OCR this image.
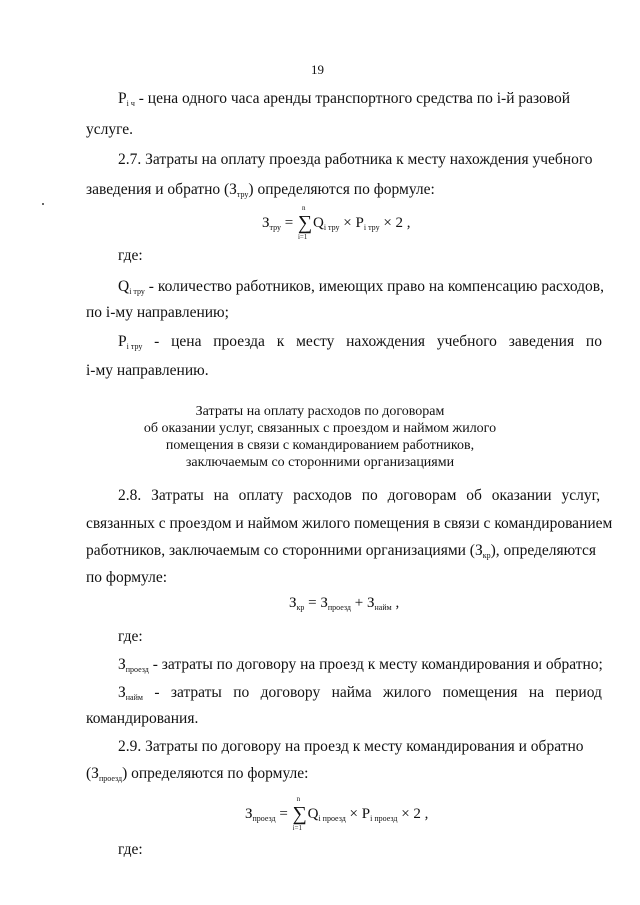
19
$P_{i ч}$ - цена одного часа аренды транспортного средства по i-й разовой
услуге.
2.7. Затраты на оплату проезда работника к месту нахождения учебного
заведения и обратно $(З_{тру})$ определяются по формуле:
$З_{тру}$ =
n
∑
i=1
$Q_{i тру} \times P_{i тру} \times 2$ ,
где:
$Q_{i тру}$ - количество работников, имеющих право на компенсацию расходов,
по i-му направлению;
$P_{i тру}$ - цена проезда к месту нахождения учебного заведения по
i-му направлению.
Затраты на оплату расходов по договорам
об оказании услуг, связанных с проездом и наймом жилого
помещения в связи с командированием работников,
заключаемым со сторонними организациями
2.8. Затраты на оплату расходов по договорам об оказании услуг,
связанных с проездом и наймом жилого помещения в связи с командированием
работников, заключаемым со сторонними организациями $(З_{кр})$, определяются
по формуле:
$З_{кр} = З_{проезд} + З_{найм}$ ,
где:
$З_{проезд}$ - затраты по договору на проезд к месту командирования и обратно;
$З_{найм}$ - затраты по договору найма жилого помещения на период
командирования.
2.9. Затраты по договору на проезд к месту командирования и обратно
$(З_{проезд})$ определяются по формуле:
$З_{проезд}$ =
n
∑
i=1
$Q_{i проезд} \times P_{i проезд} \times 2$ ,
где:
